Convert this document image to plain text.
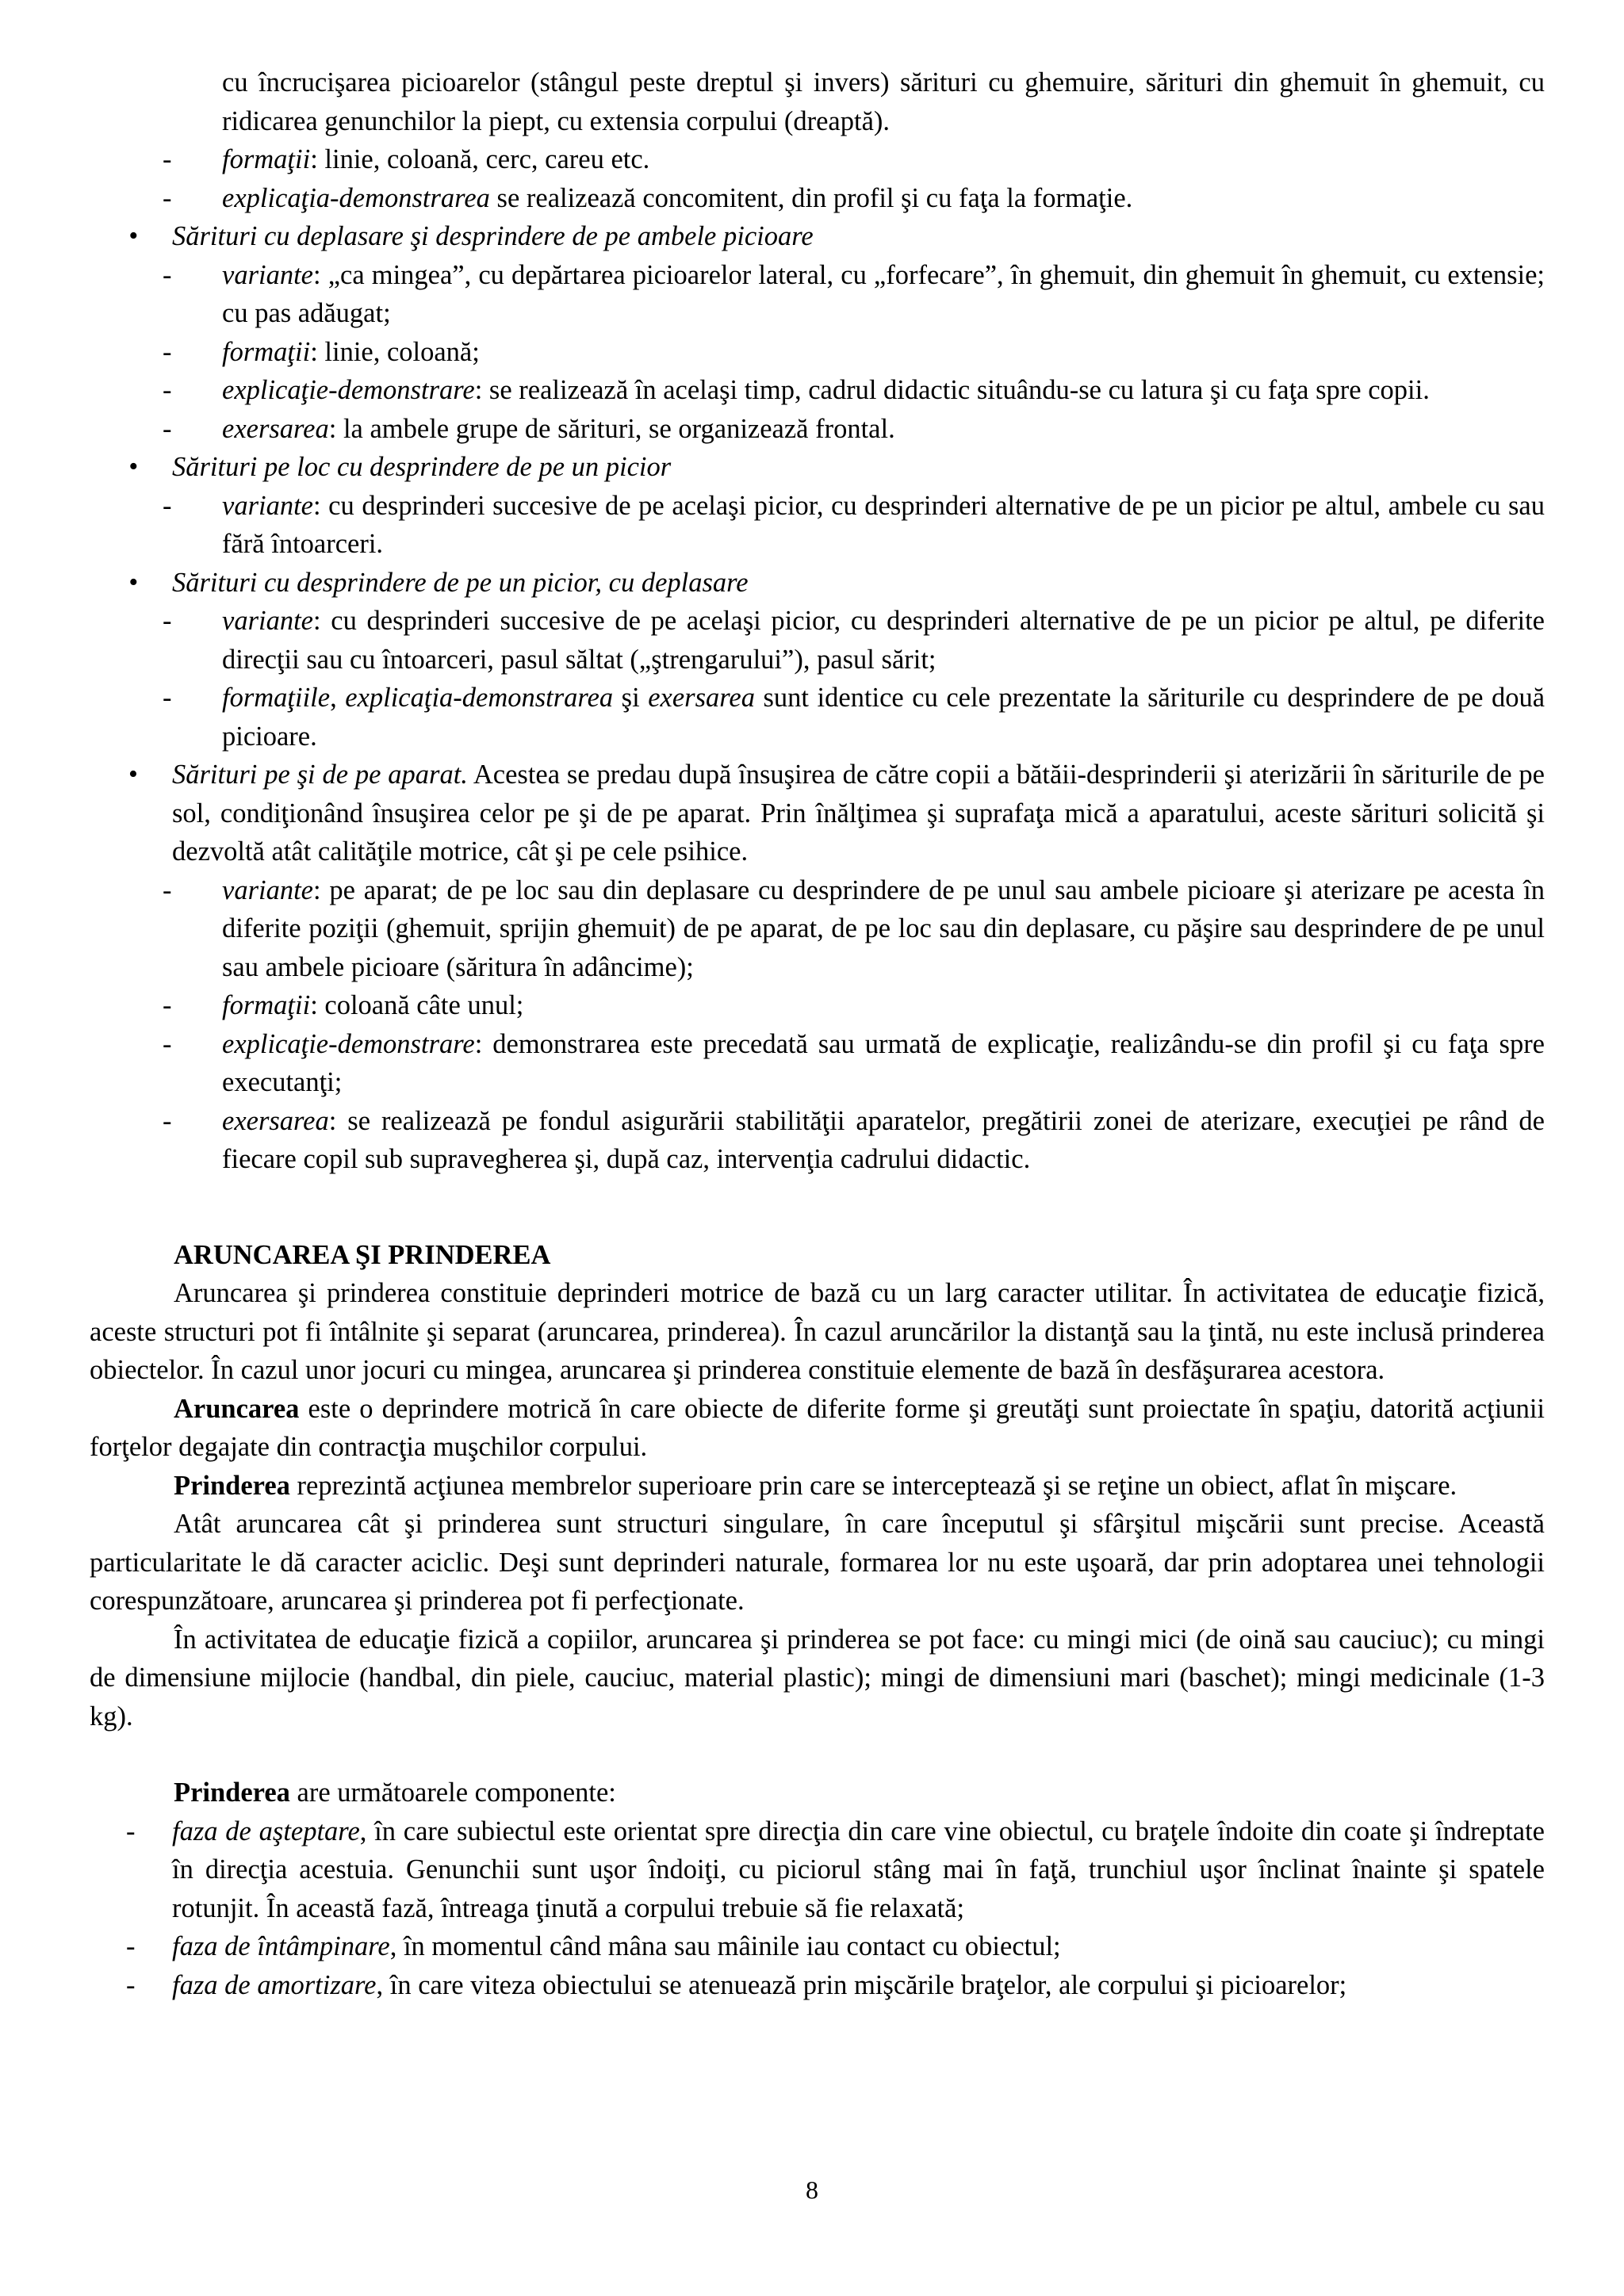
cu încrucişarea picioarelor (stângul peste dreptul şi invers) sărituri cu ghemuire, sărituri din ghemuit în ghemuit, cu ridicarea genunchilor la piept, cu extensia corpului (dreaptă).

- formaţii: linie, coloană, cerc, careu etc.

- explicaţia-demonstrarea se realizează concomitent, din profil şi cu faţa la formaţie.

• Sărituri cu deplasare şi desprindere de pe ambele picioare

- variante: „ca mingea”, cu depărtarea picioarelor lateral, cu „forfecare”, în ghemuit, din ghemuit în ghemuit, cu extensie; cu pas adăugat;

- formaţii: linie, coloană;

- explicaţie-demonstrare: se realizează în acelaşi timp, cadrul didactic situându-se cu latura şi cu faţa spre copii.

- exersarea: la ambele grupe de sărituri, se organizează frontal.

• Sărituri pe loc cu desprindere de pe un picior

- variante: cu desprinderi succesive de pe acelaşi picior, cu desprinderi alternative de pe un picior pe altul, ambele cu sau fără întoarceri.

• Sărituri cu desprindere de pe un picior, cu deplasare

- variante: cu desprinderi succesive de pe acelaşi picior, cu desprinderi alternative de pe un picior pe altul, pe diferite direcţii sau cu întoarceri, pasul săltat („ştrengarului”), pasul sărit;

- formaţiile, explicaţia-demonstrarea şi exersarea sunt identice cu cele prezentate la săriturile cu desprindere de pe două picioare.

• Sărituri pe şi de pe aparat. Acestea se predau după însuşirea de către copii a bătăii-desprinderii şi aterizării în săriturile de pe sol, condiţionând însuşirea celor pe şi de pe aparat. Prin înălţimea şi suprafaţa mică a aparatului, aceste sărituri solicită şi dezvoltă atât calităţile motrice, cât şi pe cele psihice.

- variante: pe aparat; de pe loc sau din deplasare cu desprindere de pe unul sau ambele picioare şi aterizare pe acesta în diferite poziţii (ghemuit, sprijin ghemuit) de pe aparat, de pe loc sau din deplasare, cu păşire sau desprindere de pe unul sau ambele picioare (săritura în adâncime);

- formaţii: coloană câte unul;

- explicaţie-demonstrare: demonstrarea este precedată sau urmată de explicaţie, realizându-se din profil şi cu faţa spre executanţi;

- exersarea: se realizează pe fondul asigurării stabilităţii aparatelor, pregătirii zonei de aterizare, execuţiei pe rând de fiecare copil sub supravegherea şi, după caz, intervenţia cadrului didactic.

ARUNCAREA ŞI PRINDEREA

Aruncarea şi prinderea constituie deprinderi motrice de bază cu un larg caracter utilitar. În activitatea de educaţie fizică, aceste structuri pot fi întâlnite şi separat (aruncarea, prinderea). În cazul aruncărilor la distanţă sau la ţintă, nu este inclusă prinderea obiectelor. În cazul unor jocuri cu mingea, aruncarea şi prinderea constituie elemente de bază în desfăşurarea acestora.

Aruncarea este o deprindere motrică în care obiecte de diferite forme şi greutăţi sunt proiectate în spaţiu, datorită acţiunii forţelor degajate din contracţia muşchilor corpului.

Prinderea reprezintă acţiunea membrelor superioare prin care se interceptează şi se reţine un obiect, aflat în mişcare.

Atât aruncarea cât şi prinderea sunt structuri singulare, în care începutul şi sfârşitul mişcării sunt precise. Această particularitate le dă caracter aciclic. Deşi sunt deprinderi naturale, formarea lor nu este uşoară, dar prin adoptarea unei tehnologii corespunzătoare, aruncarea şi prinderea pot fi perfecţionate.

În activitatea de educaţie fizică a copiilor, aruncarea şi prinderea se pot face: cu mingi mici (de oină sau cauciuc); cu mingi de dimensiune mijlocie (handbal, din piele, cauciuc, material plastic); mingi de dimensiuni mari (baschet); mingi medicinale (1-3 kg).

Prinderea are următoarele componente:

- faza de aşteptare, în care subiectul este orientat spre direcţia din care vine obiectul, cu braţele îndoite din coate şi îndreptate în direcţia acestuia. Genunchii sunt uşor îndoiţi, cu piciorul stâng mai în faţă, trunchiul uşor înclinat înainte şi spatele rotunjit. În această fază, întreaga ţinută a corpului trebuie să fie relaxată;

- faza de întâmpinare, în momentul când mâna sau mâinile iau contact cu obiectul;

- faza de amortizare, în care viteza obiectului se atenuează prin mişcările braţelor, ale corpului şi picioarelor;

8
